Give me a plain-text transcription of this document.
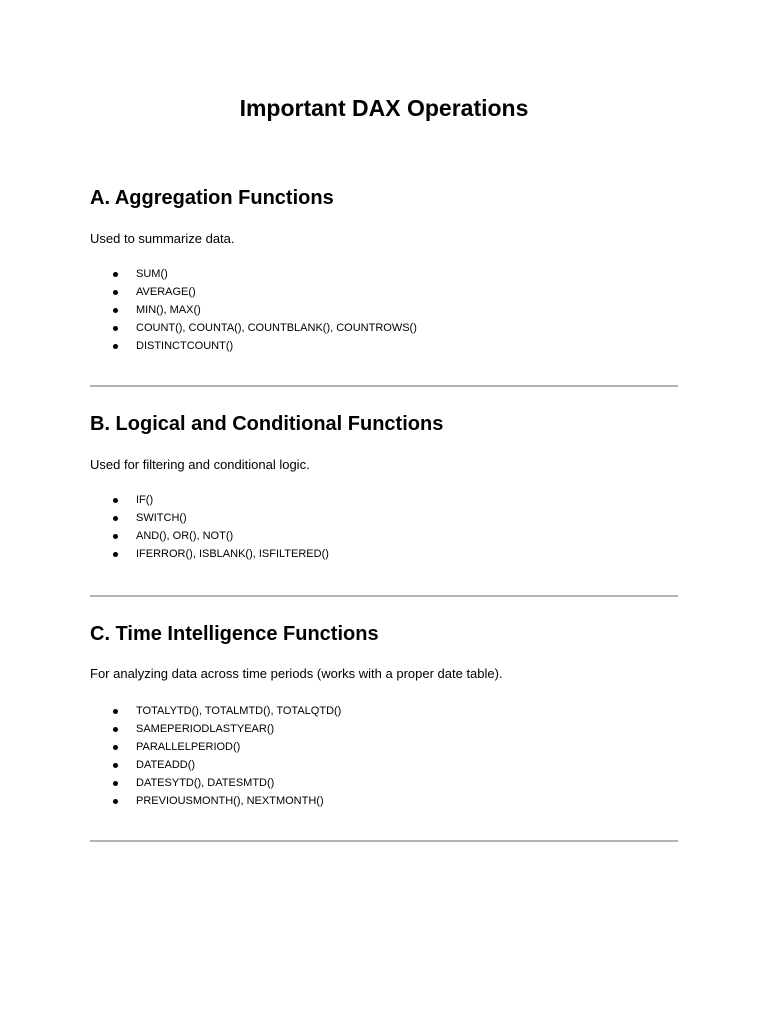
Important DAX Operations
A. Aggregation Functions

Used to summarize data.

SUM()
AVERAGE()
MIN(), MAX()
COUNT(), COUNTA(), COUNTBLANK(), COUNTROWS()
DISTINCTCOUNT()
B. Logical and Conditional Functions

Used for filtering and conditional logic.

IF()
SWITCH()
AND(), OR(), NOT()
IFERROR(), ISBLANK(), ISFILTERED()
C. Time Intelligence Functions

For analyzing data across time periods (works with a proper date table).

TOTALYTD(), TOTALMTD(), TOTALQTD()
SAMEPERIODLASTYEAR()
PARALLELPERIOD()
DATEADD()
DATESYTD(), DATESMTD()
PREVIOUSMONTH(), NEXTMONTH()
